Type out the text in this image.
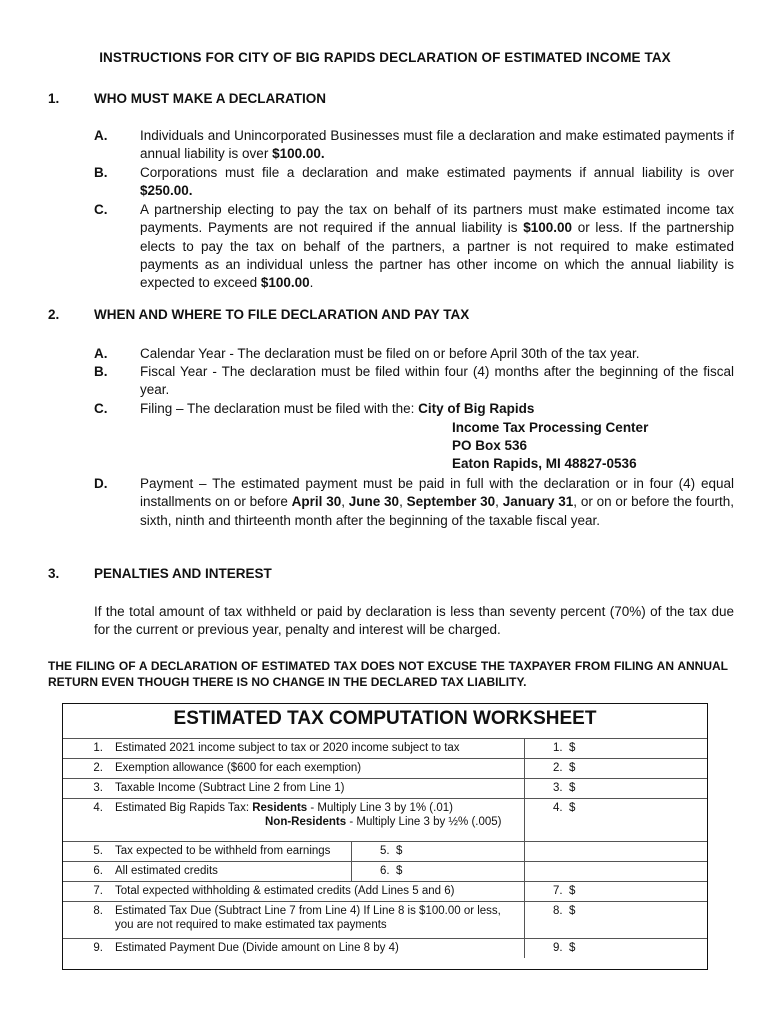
INSTRUCTIONS FOR CITY OF BIG RAPIDS DECLARATION OF ESTIMATED INCOME TAX
1.	WHO MUST MAKE A DECLARATION
A. Individuals and Unincorporated Businesses must file a declaration and make estimated payments if annual liability is over $100.00.
B. Corporations must file a declaration and make estimated payments if annual liability is over $250.00.
C. A partnership electing to pay the tax on behalf of its partners must make estimated income tax payments. Payments are not required if the annual liability is $100.00 or less. If the partnership elects to pay the tax on behalf of the partners, a partner is not required to make estimated payments as an individual unless the partner has other income on which the annual liability is expected to exceed $100.00.
2.	WHEN AND WHERE TO FILE DECLARATION AND PAY TAX
A. Calendar Year - The declaration must be filed on or before April 30th of the tax year.
B. Fiscal Year - The declaration must be filed within four (4) months after the beginning of the fiscal year.
C. Filing – The declaration must be filed with the: City of Big Rapids
Income Tax Processing Center
PO Box 536
Eaton Rapids, MI 48827-0536
D. Payment – The estimated payment must be paid in full with the declaration or in four (4) equal installments on or before April 30, June 30, September 30, January 31, or on or before the fourth, sixth, ninth and thirteenth month after the beginning of the taxable fiscal year.
3.	PENALTIES AND INTEREST
If the total amount of tax withheld or paid by declaration is less than seventy percent (70%) of the tax due for the current or previous year, penalty and interest will be charged.
THE FILING OF A DECLARATION OF ESTIMATED TAX DOES NOT EXCUSE THE TAXPAYER FROM FILING AN ANNUAL RETURN EVEN THOUGH THERE IS NO CHANGE IN THE DECLARED TAX LIABILITY.
ESTIMATED TAX COMPUTATION WORKSHEET
1.	Estimated 2021 income subject to tax or 2020 income subject to tax		1. $
2.	Exemption allowance ($600 for each exemption)		2. $
3.	Taxable Income (Subtract Line 2 from Line 1)		3. $
4.	Estimated Big Rapids Tax: Residents - Multiply Line 3 by 1% (.01)
Non-Residents - Multiply Line 3 by ½% (.005)		4. $
5.	Tax expected to be withheld from earnings	5. $	
6.	All estimated credits	6. $	
7.	Total expected withholding & estimated credits (Add Lines 5 and 6)		7. $
8.	Estimated Tax Due (Subtract Line 7 from Line 4) If Line 8 is $100.00 or less, you are not required to make estimated tax payments		8. $
9.	Estimated Payment Due (Divide amount on Line 8 by 4)		9. $
